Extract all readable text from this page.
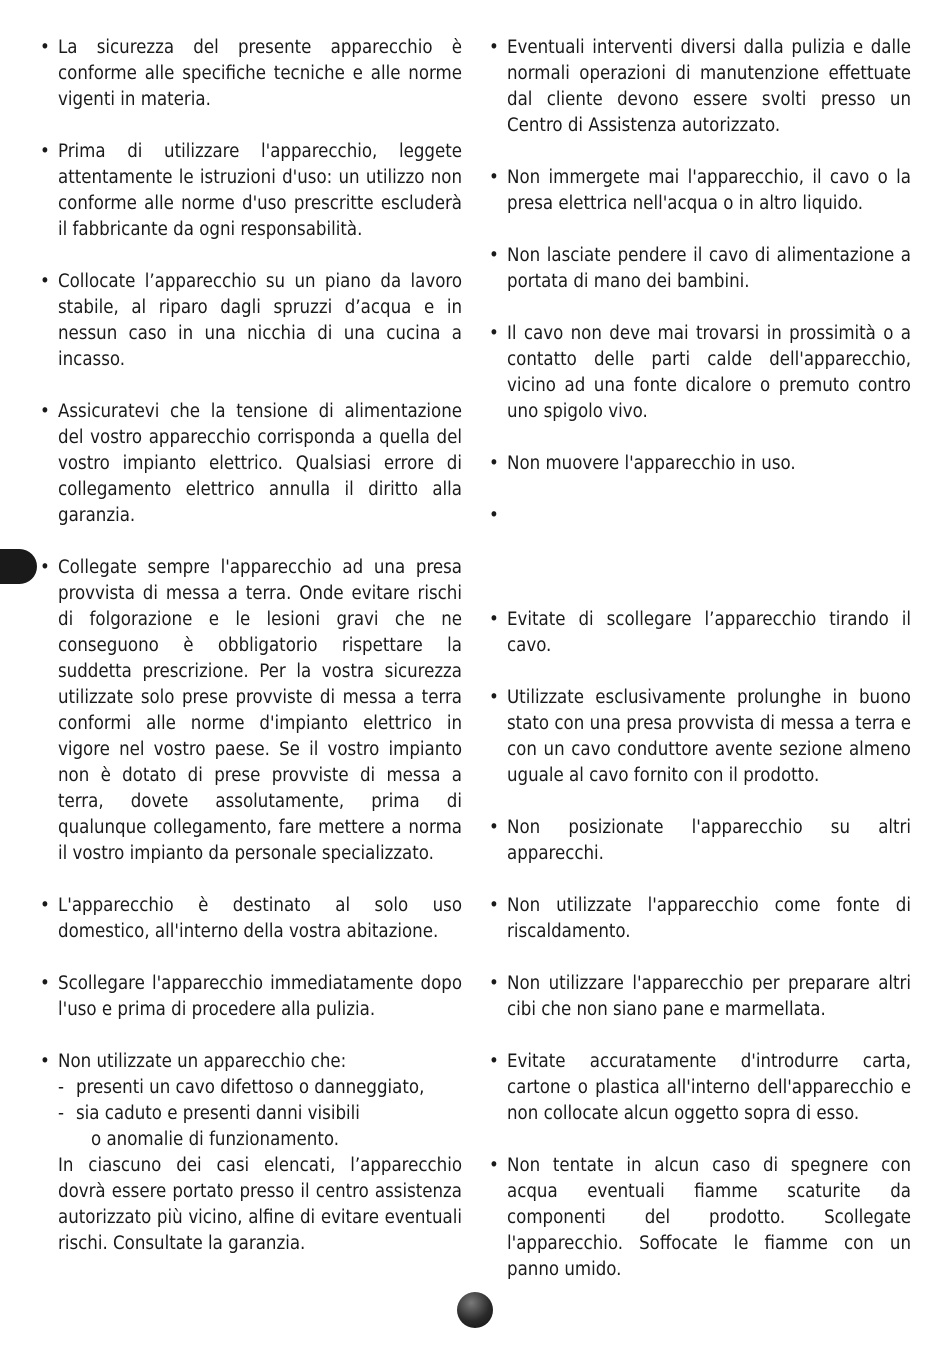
• La sicurezza del presente apparecchio è conforme alle specifiche tecniche e alle norme vigenti in materia.
• Prima di utilizzare l'apparecchio, leggete attentamente le istruzioni d'uso: un utilizzo non conforme alle norme d'uso prescritte escluderà il fabbricante da ogni responsabilità.
• Collocate l’apparecchio su un piano da lavoro stabile, al riparo dagli spruzzi d’acqua e in nessun caso in una nicchia di una cucina a incasso.
• Assicuratevi che la tensione di alimentazione del vostro apparecchio corrisponda a quella del vostro impianto elettrico. Qualsiasi errore di collegamento elettrico annulla il diritto alla garanzia.
• Collegate sempre l'apparecchio ad una presa provvista di messa a terra. Onde evitare rischi di folgorazione e le lesioni gravi che ne conseguono è obbligatorio rispettare la suddetta prescrizione. Per la vostra sicurezza utilizzate solo prese provviste di messa a terra conformi alle norme d'impianto elettrico in vigore nel vostro paese. Se il vostro impianto non è dotato di prese provviste di messa a terra, dovete assolutamente, prima di qualunque collegamento, fare mettere a norma il vostro impianto da personale specializzato.
• L'apparecchio è destinato al solo uso domestico, all'interno della vostra abitazione.
• Scollegare l'apparecchio immediatamente dopo l'uso e prima di procedere alla pulizia.
• Non utilizzate un apparecchio che:
- presenti un cavo difettoso o danneggiato,
- sia caduto e presenti danni visibili
o anomalie di funzionamento.
In ciascuno dei casi elencati, l’apparecchio dovrà essere portato presso il centro assistenza autorizzato più vicino, alfine di evitare eventuali rischi. Consultate la garanzia.
• Eventuali interventi diversi dalla pulizia e dalle normali operazioni di manutenzione effettuate dal cliente devono essere svolti presso un Centro di Assistenza autorizzato.
• Non immergete mai l'apparecchio, il cavo o la presa elettrica nell'acqua o in altro liquido.
• Non lasciate pendere il cavo di alimentazione a portata di mano dei bambini.
• Il cavo non deve mai trovarsi in prossimità o a contatto delle parti calde dell'apparecchio, vicino ad una fonte dicalore o premuto contro uno spigolo vivo.
• Non muovere l'apparecchio in uso.
•
• Evitate di scollegare l’apparecchio tirando il cavo.
• Utilizzate esclusivamente prolunghe in buono stato con una presa provvista di messa a terra e con un cavo conduttore avente sezione almeno uguale al cavo fornito con il prodotto.
• Non posizionate l'apparecchio su altri apparecchi.
• Non utilizzate l'apparecchio come fonte di riscaldamento.
• Non utilizzare l'apparecchio per preparare altri cibi che non siano pane e marmellata.
• Evitate accuratamente d'introdurre carta, cartone o plastica all'interno dell'apparecchio e non collocate alcun oggetto sopra di esso.
• Non tentate in alcun caso di spegnere con acqua eventuali fiamme scaturite da componenti del prodotto. Scollegate l'apparecchio. Soffocate le fiamme con un panno umido.
